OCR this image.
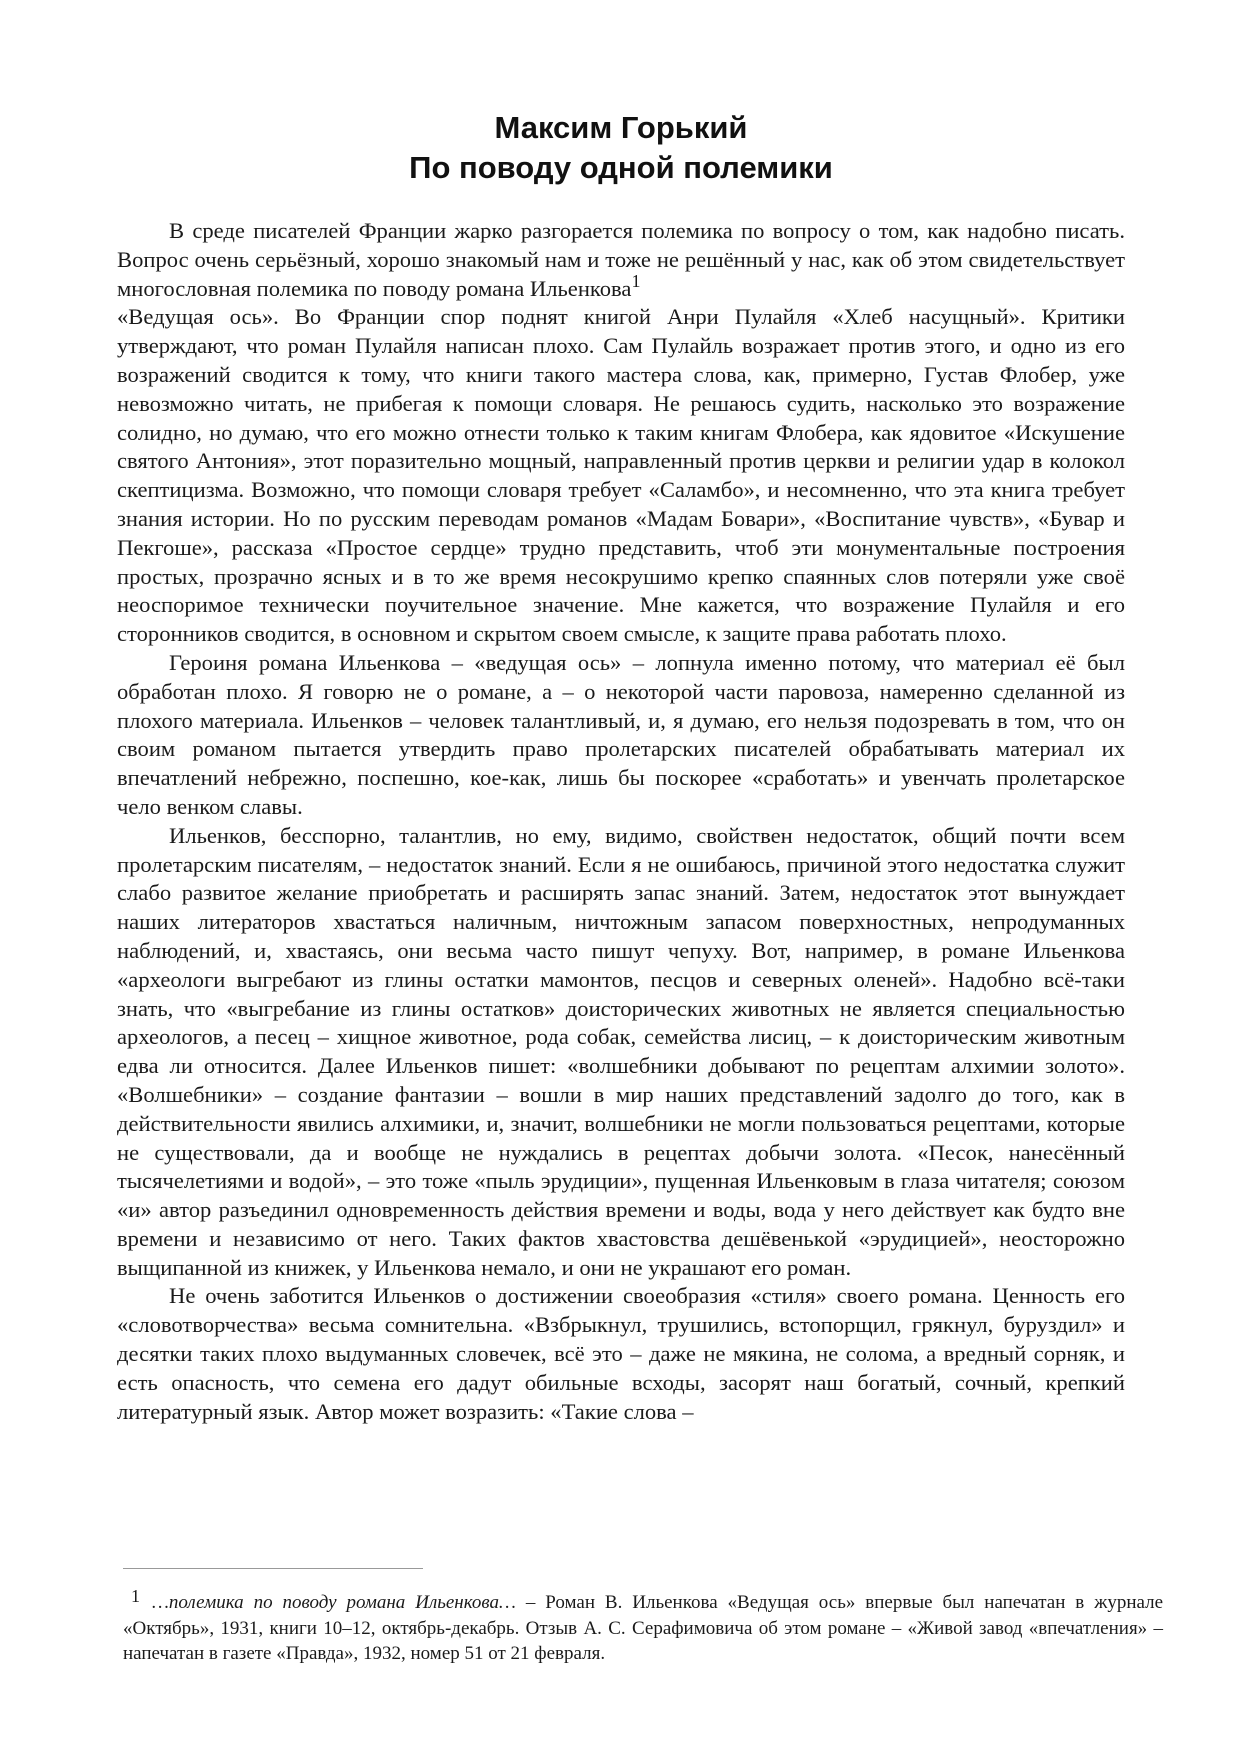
Максим Горький
По поводу одной полемики

В среде писателей Франции жарко разгорается полемика по вопросу о том, как надобно писать. Вопрос очень серьёзный, хорошо знакомый нам и тоже не решённый у нас, как об этом свидетельствует многословная полемика по поводу романа Ильенкова$^1$

«Ведущая ось». Во Франции спор поднят книгой Анри Пулайля «Хлеб насущный». Критики утверждают, что роман Пулайля написан плохо. Сам Пулайль возражает против этого, и одно из его возражений сводится к тому, что книги такого мастера слова, как, примерно, Густав Флобер, уже невозможно читать, не прибегая к помощи словаря. Не решаюсь судить, насколько это возражение солидно, но думаю, что его можно отнести только к таким книгам Флобера, как ядовитое «Искушение святого Антония», этот поразительно мощный, направленный против церкви и религии удар в колокол скептицизма. Возможно, что помощи словаря требует «Саламбо», и несомненно, что эта книга требует знания истории. Но по русским переводам романов «Мадам Бовари», «Воспитание чувств», «Бувар и Пекгоше», рассказа «Простое сердце» трудно представить, чтоб эти монументальные построения простых, прозрачно ясных и в то же время несокрушимо крепко спаянных слов потеряли уже своё неоспоримое технически поучительное значение. Мне кажется, что возражение Пулайля и его сторонников сводится, в основном и скрытом своем смысле, к защите права работать плохо.

Героиня романа Ильенкова – «ведущая ось» – лопнула именно потому, что материал её был обработан плохо. Я говорю не о романе, а – о некоторой части паровоза, намеренно сделанной из плохого материала. Ильенков – человек талантливый, и, я думаю, его нельзя подозревать в том, что он своим романом пытается утвердить право пролетарских писателей обрабатывать материал их впечатлений небрежно, поспешно, кое-как, лишь бы поскорее «сработать» и увенчать пролетарское чело венком славы.

Ильенков, бесспорно, талантлив, но ему, видимо, свойствен недостаток, общий почти всем пролетарским писателям, – недостаток знаний. Если я не ошибаюсь, причиной этого недостатка служит слабо развитое желание приобретать и расширять запас знаний. Затем, недостаток этот вынуждает наших литераторов хвастаться наличным, ничтожным запасом поверхностных, непродуманных наблюдений, и, хвастаясь, они весьма часто пишут чепуху. Вот, например, в романе Ильенкова «археологи выгребают из глины остатки мамонтов, песцов и северных оленей». Надобно всё-таки знать, что «выгребание из глины остатков» доисторических животных не является специальностью археологов, а песец – хищное животное, рода собак, семейства лисиц, – к доисторическим животным едва ли относится. Далее Ильенков пишет: «волшебники добывают по рецептам алхимии золото». «Волшебники» – создание фантазии – вошли в мир наших представлений задолго до того, как в действительности явились алхимики, и, значит, волшебники не могли пользоваться рецептами, которые не существовали, да и вообще не нуждались в рецептах добычи золота. «Песок, нанесённый тысячелетиями и водой», – это тоже «пыль эрудиции», пущенная Ильенковым в глаза читателя; союзом «и» автор разъединил одновременность действия времени и воды, вода у него действует как будто вне времени и независимо от него. Таких фактов хвастовства дешёвенькой «эрудицией», неосторожно выщипанной из книжек, у Ильенкова немало, и они не украшают его роман.

Не очень заботится Ильенков о достижении своеобразия «стиля» своего романа. Ценность его «словотворчества» весьма сомнительна. «Взбрыкнул, трушились, встопорщил, грякнул, буруздил» и десятки таких плохо выдуманных словечек, всё это – даже не мякина, не солома, а вредный сорняк, и есть опасность, что семена его дадут обильные всходы, засорят наш богатый, сочный, крепкий литературный язык. Автор может возразить: «Такие слова –

1 …полемика по поводу романа Ильенкова… – Роман В. Ильенкова «Ведущая ось» впервые был напечатан в журнале «Октябрь», 1931, книги 10–12, октябрь-декабрь. Отзыв А. С. Серафимовича об этом романе – «Живой завод «впечатления» – напечатан в газете «Правда», 1932, номер 51 от 21 февраля.
